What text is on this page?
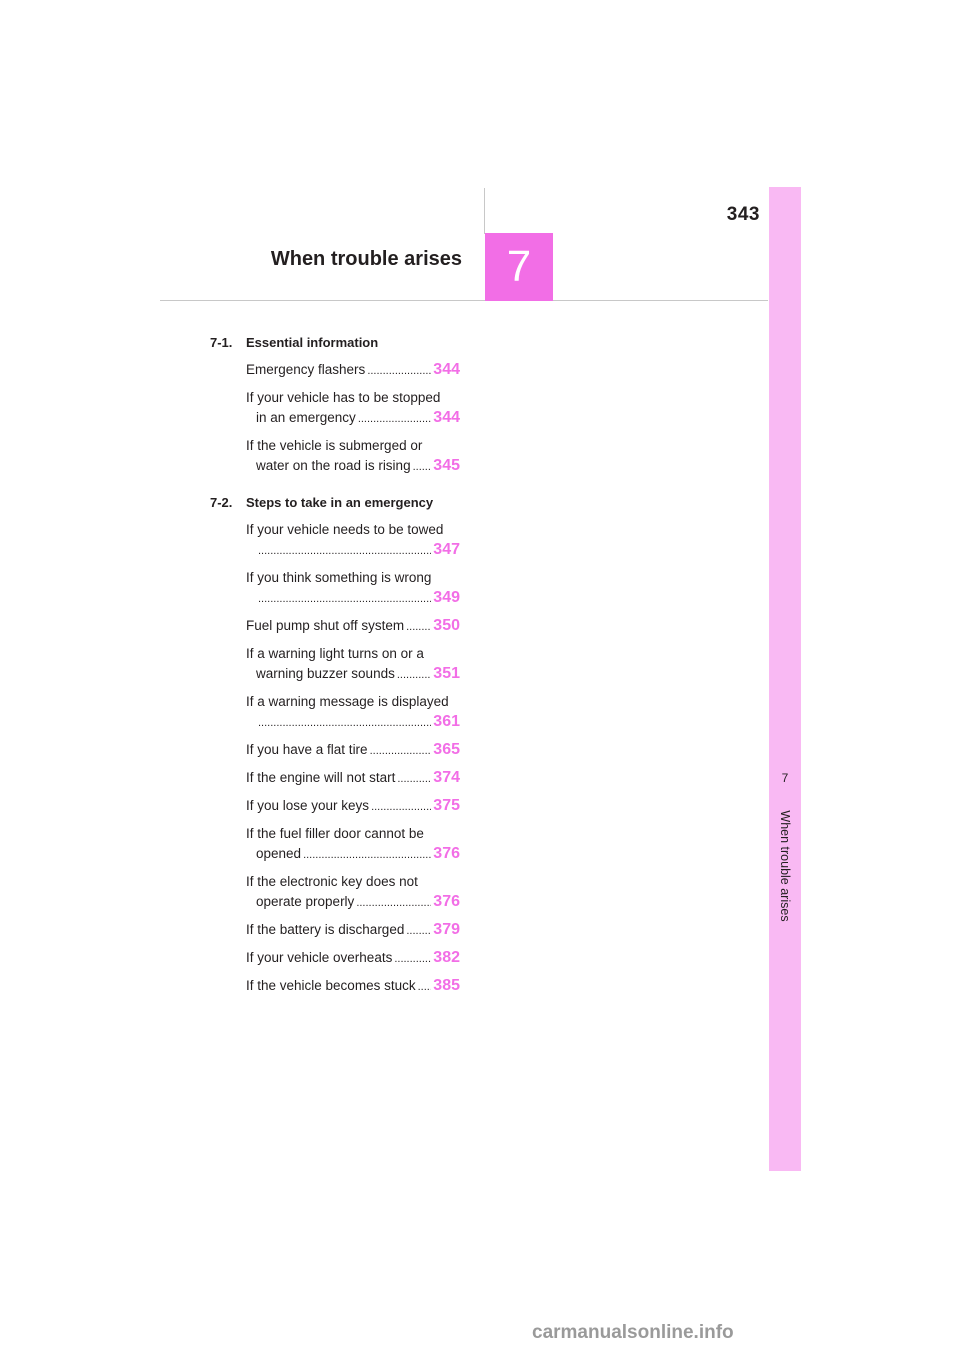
343
When trouble arises	7
7
When trouble arises
7-1.	Essential information
Emergency flashers .....	344
If your vehicle has to be stopped
in an emergency .....	344
If the vehicle is submerged or
water on the road is rising ..... 345
7-2.	Steps to take in an emergency
If your vehicle needs to be towed
.....
347
If you think something is wrong
.....
349
Fuel pump shut off system ..... 350
If a warning light turns on or a
warning buzzer sounds ..... 351
If a warning message is displayed
.....
361
If you have a flat tire .....	365
If the engine will not start ..... 374
If you lose your keys .....	375
If the fuel filler door cannot be
opened .....	376
If the electronic key does not
operate properly .....	376
If the battery is discharged ..... 379
If your vehicle overheats .....	382
If the vehicle becomes stuck ..... 385
carmanualsonline.info
